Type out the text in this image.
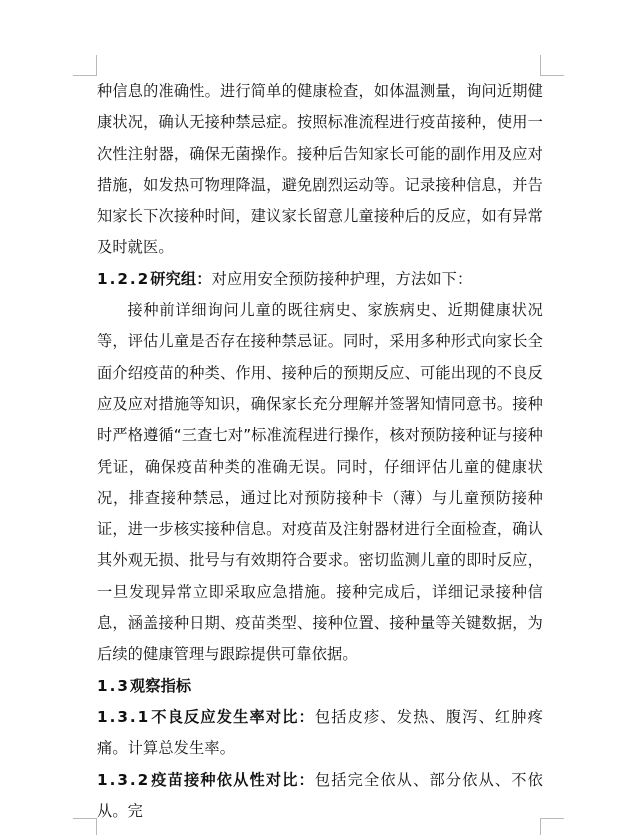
种信息的准确性。进行简单的健康检查，如体温测量，询问近期健康状况，确认无接种禁忌症。按照标准流程进行疫苗接种，使用一次性注射器，确保无菌操作。接种后告知家长可能的副作用及应对措施，如发热可物理降温，避免剧烈运动等。记录接种信息，并告知家长下次接种时间，建议家长留意儿童接种后的反应，如有异常及时就医。

1.2.2研究组：对应用安全预防接种护理，方法如下：

接种前详细询问儿童的既往病史、家族病史、近期健康状况等，评估儿童是否存在接种禁忌证。同时，采用多种形式向家长全面介绍疫苗的种类、作用、接种后的预期反应、可能出现的不良反应及应对措施等知识，确保家长充分理解并签署知情同意书。接种时严格遵循“三查七对”标准流程进行操作，核对预防接种证与接种凭证，确保疫苗种类的准确无误。同时，仔细评估儿童的健康状况，排查接种禁忌，通过比对预防接种卡（薄）与儿童预防接种证，进一步核实接种信息。对疫苗及注射器材进行全面检查，确认其外观无损、批号与有效期符合要求。密切监测儿童的即时反应，一旦发现异常立即采取应急措施。接种完成后，详细记录接种信息，涵盖接种日期、疫苗类型、接种位置、接种量等关键数据，为后续的健康管理与跟踪提供可靠依据。

1.3观察指标

1.3.1不良反应发生率对比：包括皮疹、发热、腹泻、红肿疼痛。计算总发生率。

1.3.2疫苗接种依从性对比：包括完全依从、部分依从、不依从。完
